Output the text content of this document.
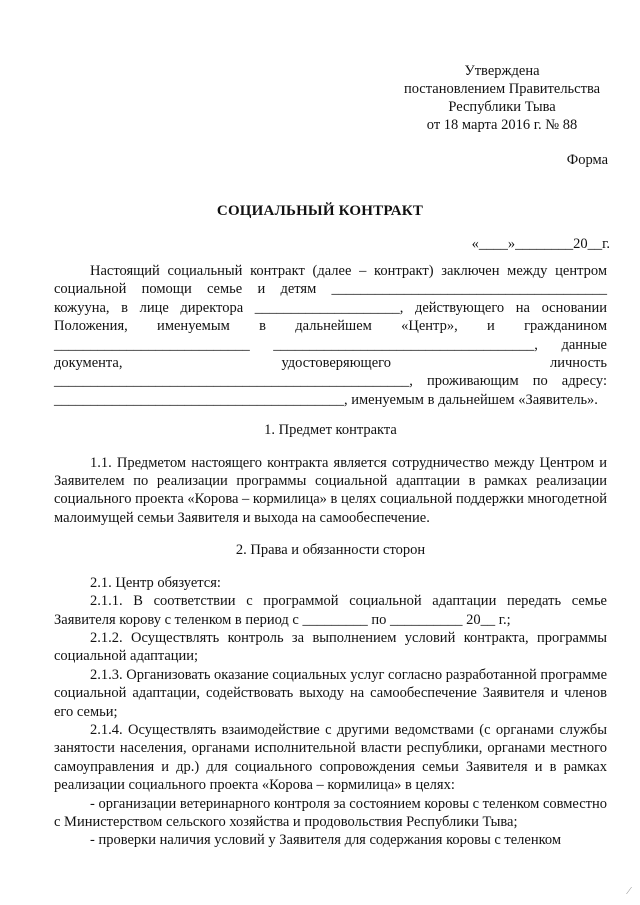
Утверждена
постановлением Правительства
Республики Тыва
от 18 марта 2016 г. № 88
Форма
СОЦИАЛЬНЫЙ КОНТРАКТ
«____»________20__г.

Настоящий социальный контракт (далее – контракт) заключен между центром социальной помощи семье и детям ______________________________________ кожууна, в лице директора ____________________, действующего на основании Положения, именуемым в дальнейшем «Центр», и гражданином ___________________________ ____________________________________, данные документа, удостоверяющего личность _________________________________________________, проживающим по адресу: ________________________________________, именуемым в дальнейшем «Заявитель».

1. Предмет контракта

1.1. Предметом настоящего контракта является сотрудничество между Центром и Заявителем по реализации программы социальной адаптации в рамках реализации социального проекта «Корова – кормилица» в целях социальной поддержки многодетной малоимущей семьи Заявителя и выхода на самообеспечение.

2. Права и обязанности сторон

2.1. Центр обязуется:

2.1.1. В соответствии с программой социальной адаптации передать семье Заявителя корову с теленком в период с _________ по __________ 20__ г.;

2.1.2. Осуществлять контроль за выполнением условий контракта, программы социальной адаптации;

2.1.3. Организовать оказание социальных услуг согласно разработанной программе социальной адаптации, содействовать выходу на самообеспечение Заявителя и членов его семьи;

2.1.4. Осуществлять взаимодействие с другими ведомствами (с органами службы занятости населения, органами исполнительной власти республики, органами местного самоуправления и др.) для социального сопровождения семьи Заявителя и в рамках реализации социального проекта «Корова – кормилица» в целях:

- организации ветеринарного контроля за состоянием коровы с теленком совместно с Министерством сельского хозяйства и продовольствия Республики Тыва;

- проверки наличия условий у Заявителя для содержания коровы с теленком

⁄
